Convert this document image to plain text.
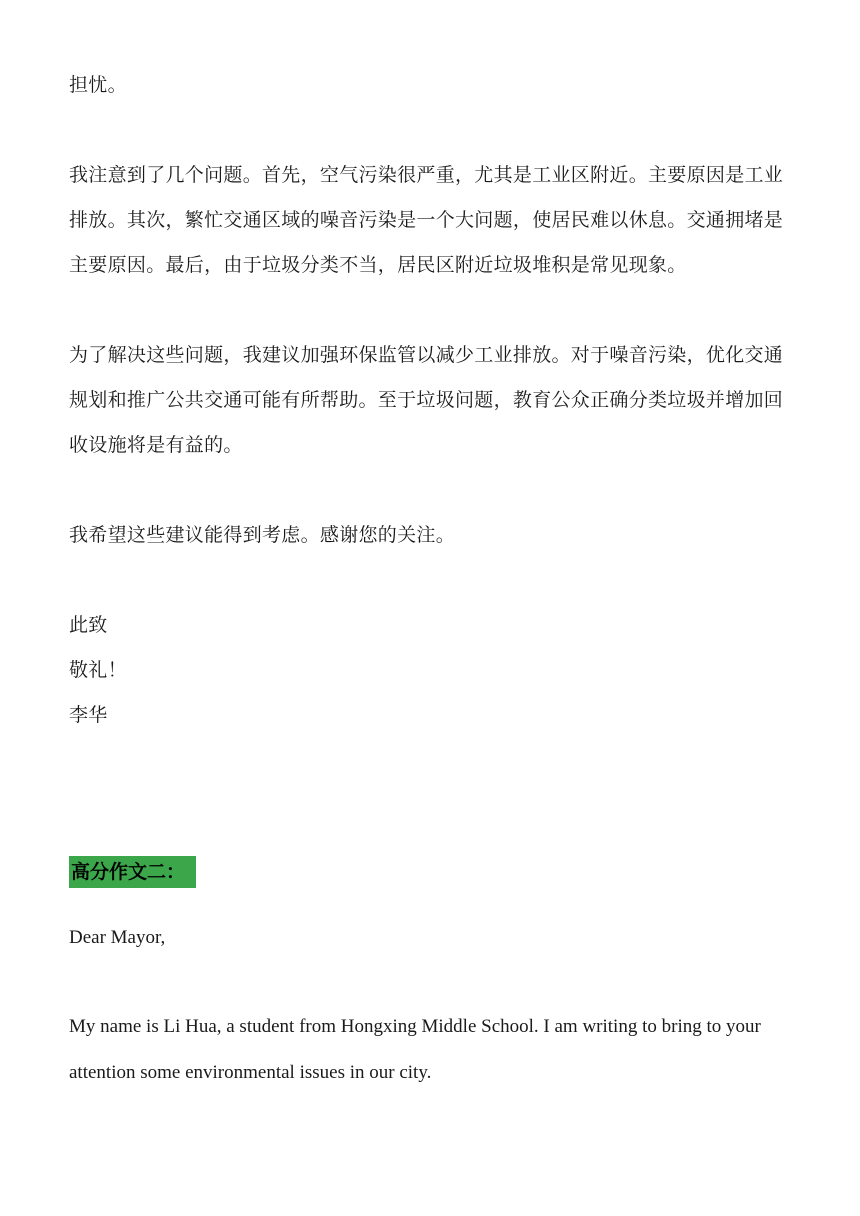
担忧。

我注意到了几个问题。首先，空气污染很严重，尤其是工业区附近。主要原因是工业排放。其次，繁忙交通区域的噪音污染是一个大问题，使居民难以休息。交通拥堵是主要原因。最后，由于垃圾分类不当，居民区附近垃圾堆积是常见现象。

为了解决这些问题，我建议加强环保监管以减少工业排放。对于噪音污染，优化交通规划和推广公共交通可能有所帮助。至于垃圾问题，教育公众正确分类垃圾并增加回收设施将是有益的。

我希望这些建议能得到考虑。感谢您的关注。

此致

敬礼！

李华

高分作文二：

Dear Mayor,

My name is Li Hua, a student from Hongxing Middle School. I am writing to bring to your attention some environmental issues in our city.
